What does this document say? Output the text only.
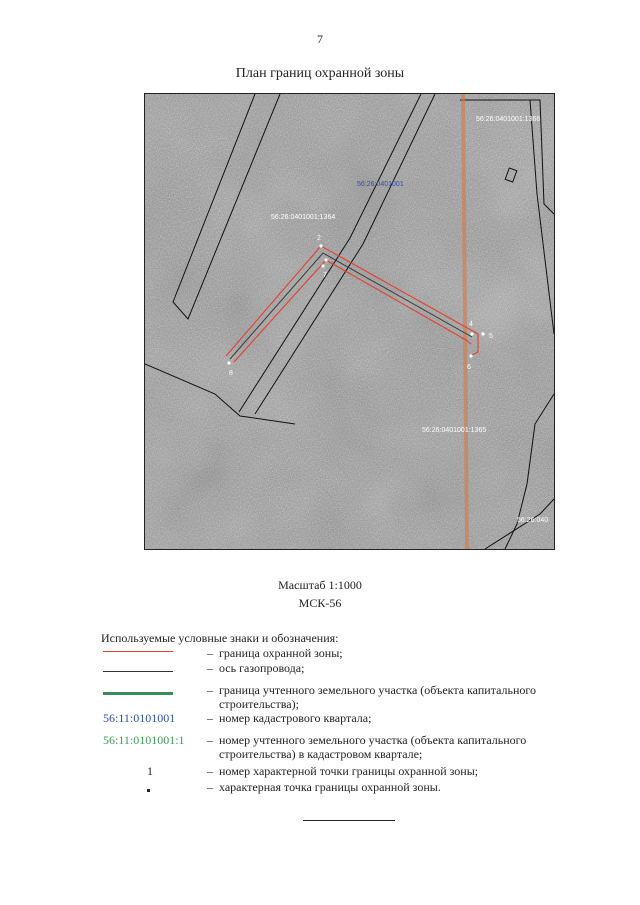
7
План границ охранной зоны
2
7
4
5
6
8
56:26:0401001:1366
56:26:0401001
56:26:0401001:1364
56:26:0401001:1365
56:26:040
Масштаб 1:1000
МСК-56
Используемые условные знаки и обозначения:
– граница охранной зоны;
– ось газопровода;
– граница учтенного земельного участка (объекта капитального строительства);
56:11:0101001	– номер кадастрового квартала;
56:11:0101001:1 – номер учтенного земельного участка (объекта капитального строительства) в кадастровом квартале;
1	– номер характерной точки границы охранной зоны;
– характерная точка границы охранной зоны.
